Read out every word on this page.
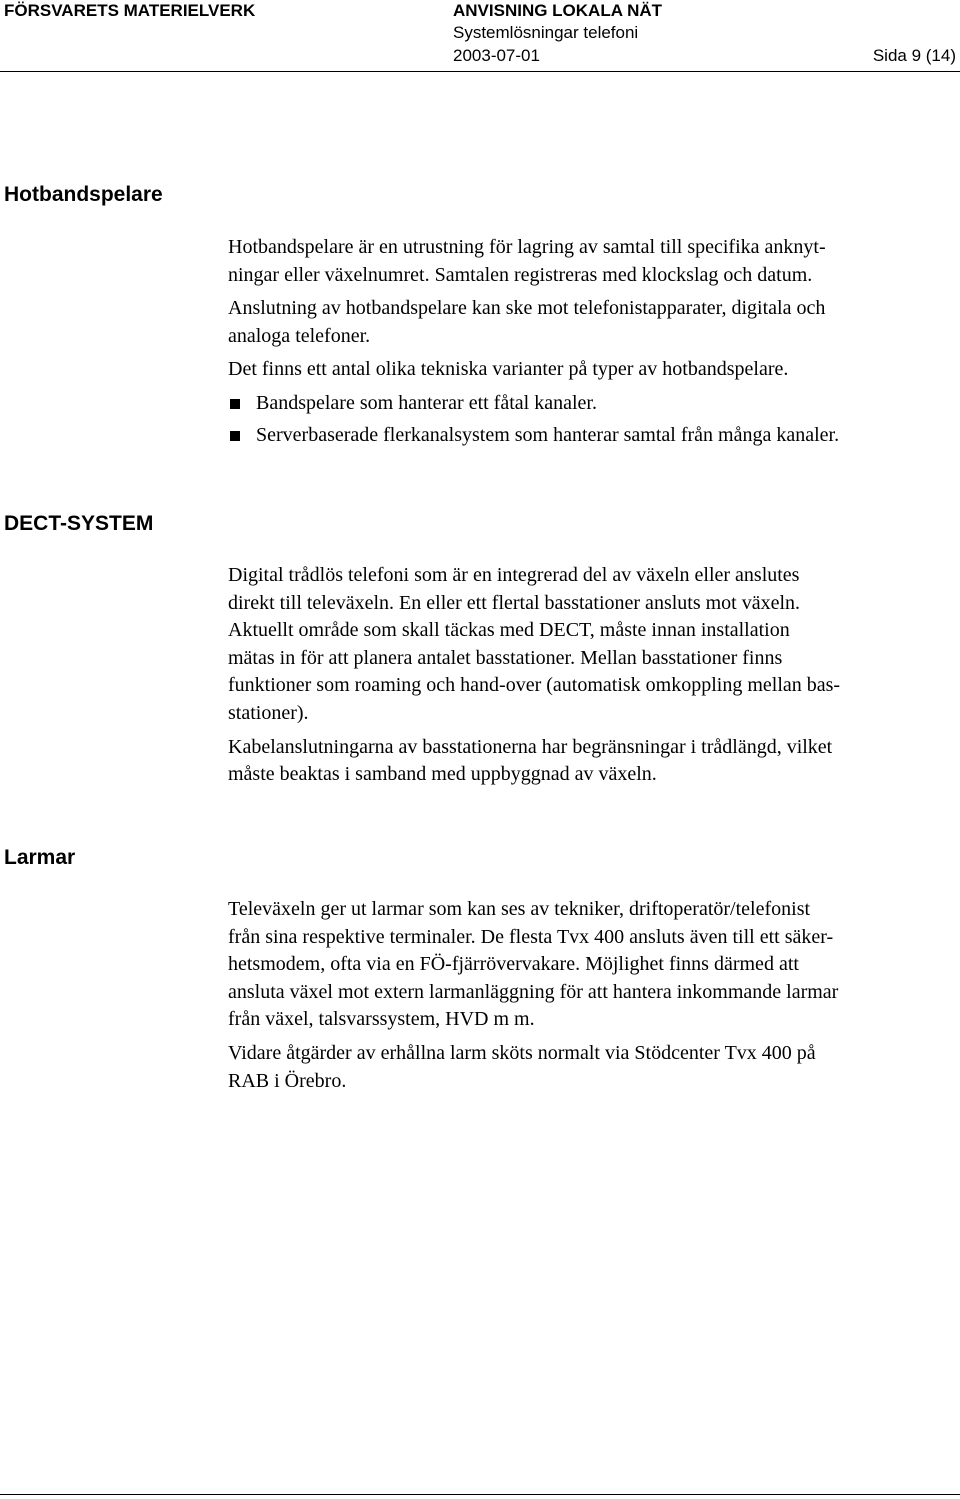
FÖRSVARETS MATERIELVERK	ANVISNING LOKALA NÄT
Systemlösningar telefoni
2003-07-01	Sida 9 (14)
Hotbandspelare

Hotbandspelare är en utrustning för lagring av samtal till specifika anknyt-
ningar eller växelnumret. Samtalen registreras med klockslag och datum.

Anslutning av hotbandspelare kan ske mot telefonistapparater, digitala och
analoga telefoner.

Det finns ett antal olika tekniska varianter på typer av hotbandspelare.

Bandspelare som hanterar ett fåtal kanaler.
Serverbaserade flerkanalsystem som hanterar samtal från många kanaler.
DECT-SYSTEM

Digital trådlös telefoni som är en integrerad del av växeln eller anslutes
direkt till televäxeln. En eller ett flertal basstationer ansluts mot växeln.
Aktuellt område som skall täckas med DECT, måste innan installation
mätas in för att planera antalet basstationer. Mellan basstationer finns
funktioner som roaming och hand-over (automatisk omkoppling mellan bas-
stationer).

Kabelanslutningarna av basstationerna har begränsningar i trådlängd, vilket
måste beaktas i samband med uppbyggnad av växeln.

Larmar

Televäxeln ger ut larmar som kan ses av tekniker, driftoperatör/telefonist
från sina respektive terminaler. De flesta Tvx 400 ansluts även till ett säker-
hetsmodem, ofta via en FÖ-fjärrövervakare. Möjlighet finns därmed att
ansluta växel mot extern larmanläggning för att hantera inkommande larmar
från växel, talsvarssystem, HVD m m.

Vidare åtgärder av erhållna larm sköts normalt via Stödcenter Tvx 400 på
RAB i Örebro.
